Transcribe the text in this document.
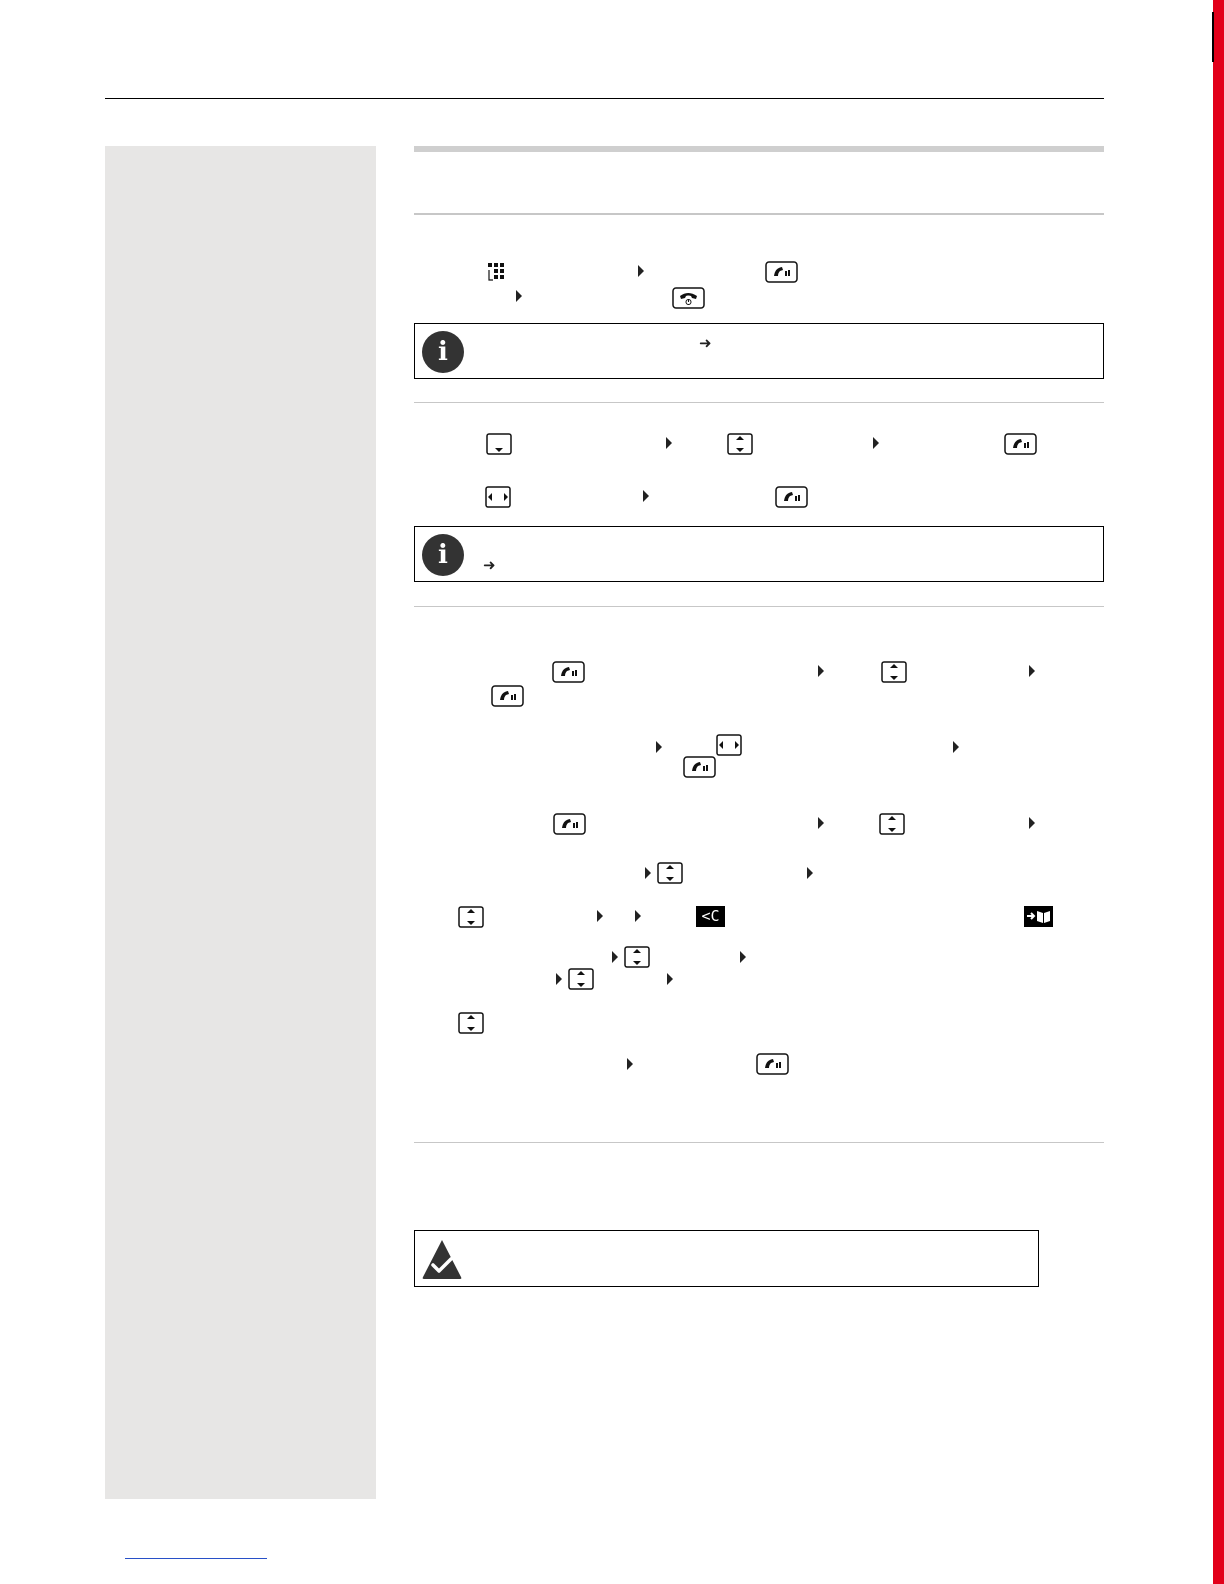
i	➜
i	➜
<C
